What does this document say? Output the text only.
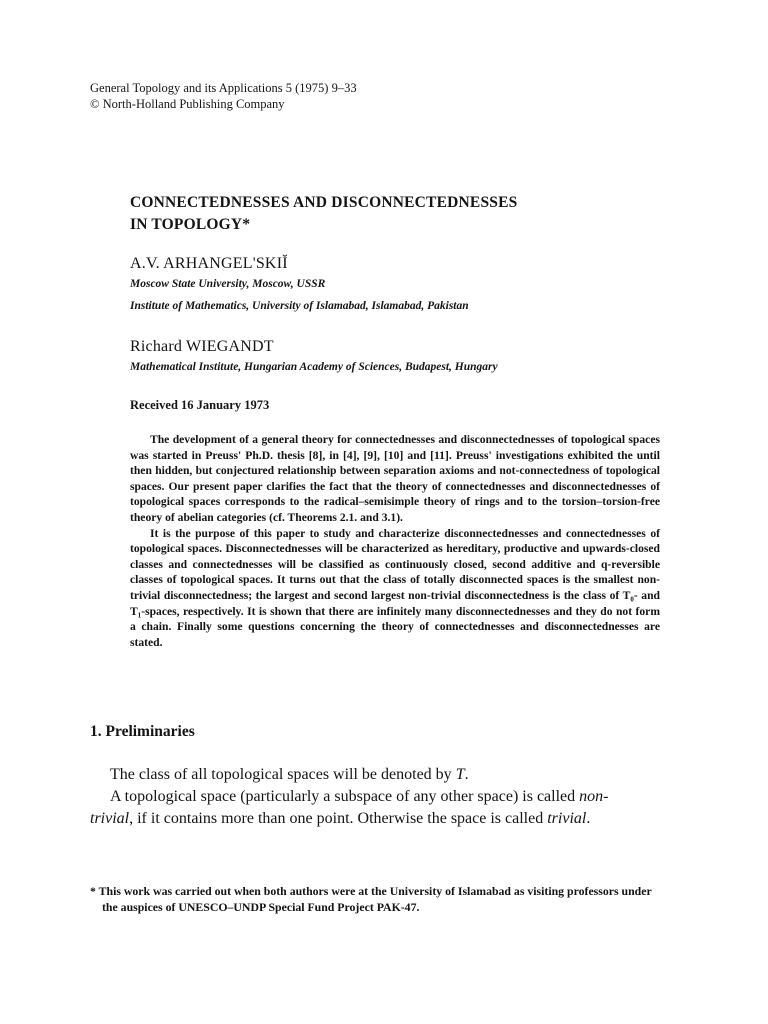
General Topology and its Applications 5 (1975) 9–33
© North-Holland Publishing Company
CONNECTEDNESSES AND DISCONNECTEDNESSES
IN TOPOLOGY*
A.V. ARHANGEL'SKIĬ
Moscow State University, Moscow, USSR
Institute of Mathematics, University of Islamabad, Islamabad, Pakistan
Richard WIEGANDT
Mathematical Institute, Hungarian Academy of Sciences, Budapest, Hungary
Received 16 January 1973

The development of a general theory for connectednesses and disconnectednesses of topological spaces was started in Preuss' Ph.D. thesis [8], in [4], [9], [10] and [11]. Preuss' investigations exhibited the until then hidden, but conjectured relationship between separation axioms and not-connectedness of topological spaces. Our present paper clarifies the fact that the theory of connectednesses and disconnectednesses of topological spaces corresponds to the radical–semisimple theory of rings and to the torsion–torsion-free theory of abelian categories (cf. Theorems 2.1. and 3.1).

It is the purpose of this paper to study and characterize disconnectednesses and connectednesses of topological spaces. Disconnectednesses will be characterized as hereditary, productive and upwards-closed classes and connectednesses will be classified as continuously closed, second additive and q-reversible classes of topological spaces. It turns out that the class of totally disconnected spaces is the smallest non-trivial disconnectedness; the largest and second largest non-trivial disconnectedness is the class of T₀- and T₁-spaces, respectively. It is shown that there are infinitely many disconnectednesses and they do not form a chain. Finally some questions concerning the theory of connectednesses and disconnectednesses are stated.

1. Preliminaries

The class of all topological spaces will be denoted by T.

A topological space (particularly a subspace of any other space) is called non-trivial, if it contains more than one point. Otherwise the space is called trivial.

* This work was carried out when both authors were at the University of Islamabad as visiting professors under the auspices of UNESCO–UNDP Special Fund Project PAK-47.
